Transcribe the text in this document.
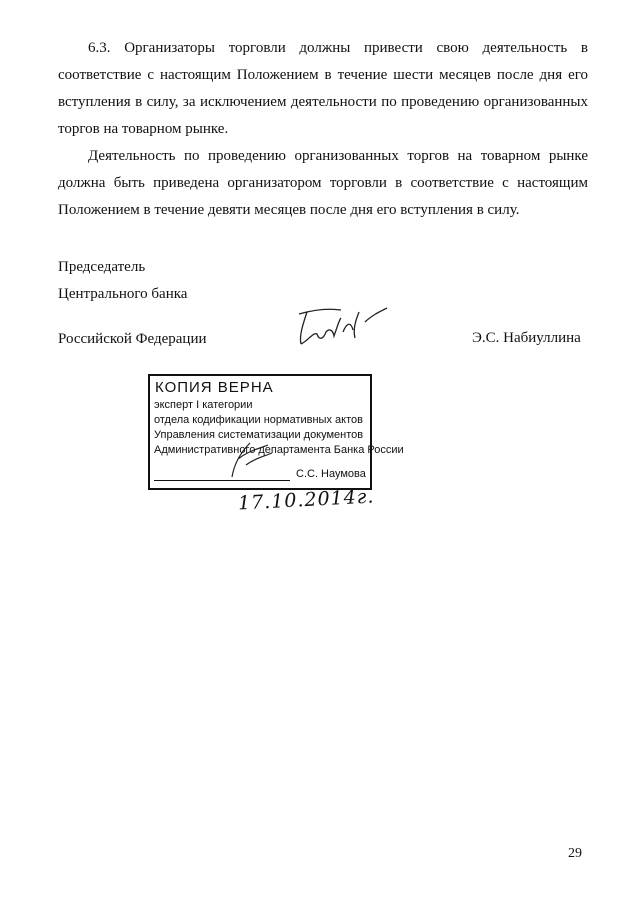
6.3. Организаторы торговли должны привести свою деятельность в соответствие с настоящим Положением в течение шести месяцев после дня его вступления в силу, за исключением деятельности по проведению организованных торгов на товарном рынке.

Деятельность по проведению организованных торгов на товарном рынке должна быть приведена организатором торговли в соответствие с настоящим Положением в течение девяти месяцев после дня его вступления в силу.

Председатель
Центрального банка
Российской Федерации	Э.С. Набиуллина
КОПИЯ ВЕРНА
эксперт I категории
отдела кодификации нормативных актов
Управления систематизации документов
Административного департамента Банка России
С.С. Наумова
17.10.2014г.
29
